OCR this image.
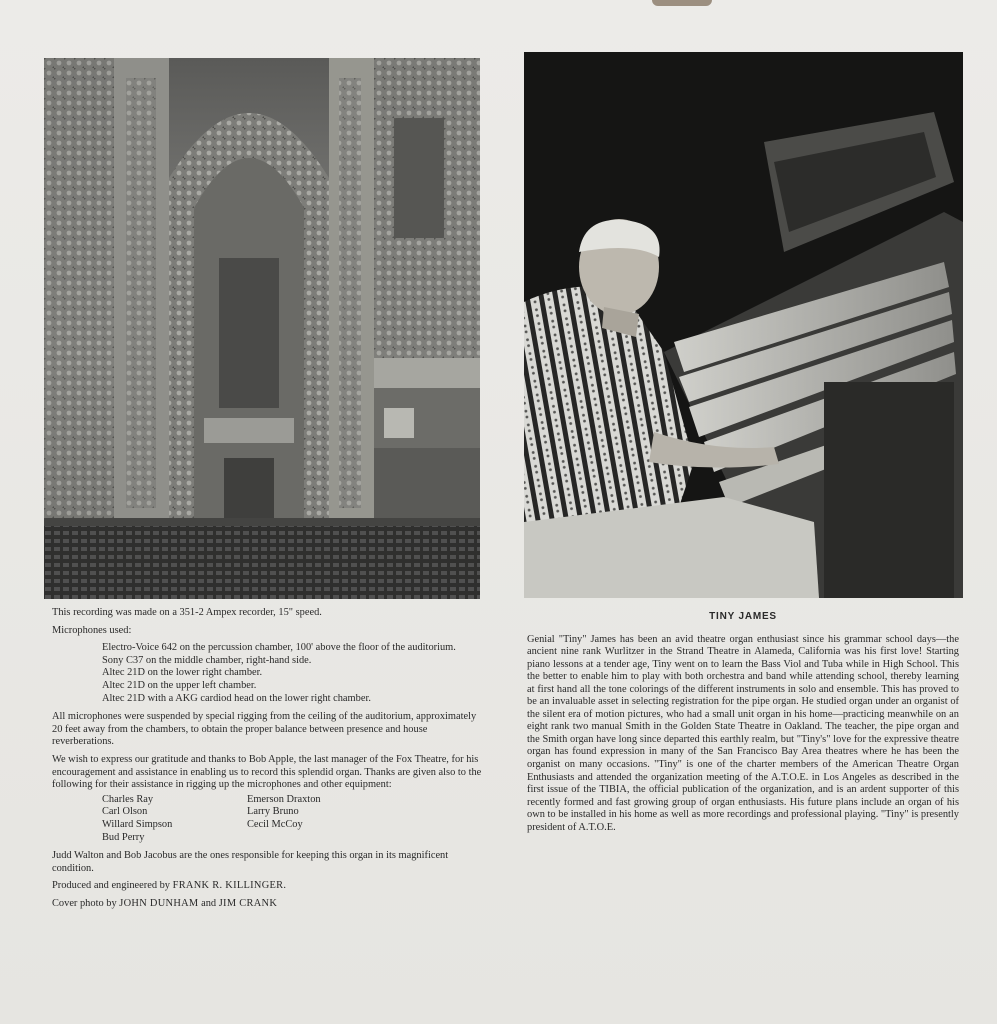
This recording was made on a 351-2 Ampex recorder, 15" speed.

Microphones used:

Electro-Voice 642 on the percussion chamber, 100' above the floor of the auditorium.
Sony C37 on the middle chamber, right-hand side.
Altec 21D on the lower right chamber.
Altec 21D on the upper left chamber.
Altec 21D with a AKG cardiod head on the lower right chamber.

All microphones were suspended by special rigging from the ceiling of the auditorium, approximately 20 feet away from the chambers, to obtain the proper balance between presence and house reverberations.

We wish to express our gratitude and thanks to Bob Apple, the last manager of the Fox Theatre, for his encouragement and assistance in enabling us to record this splendid organ. Thanks are given also to the following for their assistance in rigging up the microphones and other equipment:

Charles Ray	Emerson Draxton
Carl Olson	Larry Bruno
Willard Simpson	Cecil McCoy
Bud Perry

Judd Walton and Bob Jacobus are the ones responsible for keeping this organ in its magnificent condition.

Produced and engineered by FRANK R. KILLINGER.

Cover photo by JOHN DUNHAM and JIM CRANK

TINY JAMES

Genial "Tiny" James has been an avid theatre organ enthusiast since his grammar school days—the ancient nine rank Wurlitzer in the Strand Theatre in Alameda, California was his first love! Starting piano lessons at a tender age, Tiny went on to learn the Bass Viol and Tuba while in High School. This the better to enable him to play with both orchestra and band while attending school, thereby learning at first hand all the tone colorings of the different instruments in solo and ensemble. This has proved to be an invaluable asset in selecting registration for the pipe organ. He studied organ under an organist of the silent era of motion pictures, who had a small unit organ in his home—practicing meanwhile on an eight rank two manual Smith in the Golden State Theatre in Oakland. The teacher, the pipe organ and the Smith organ have long since departed this earthly realm, but "Tiny's" love for the expressive theatre organ has found expression in many of the San Francisco Bay Area theatres where he has been the organist on many occasions. "Tiny" is one of the charter members of the American Theatre Organ Enthusiasts and attended the organization meeting of the A.T.O.E. in Los Angeles as described in the first issue of the TIBIA, the official publication of the organization, and is an ardent supporter of this recently formed and fast growing group of organ enthusiasts. His future plans include an organ of his own to be installed in his home as well as more recordings and professional playing. "Tiny" is presently president of A.T.O.E.
